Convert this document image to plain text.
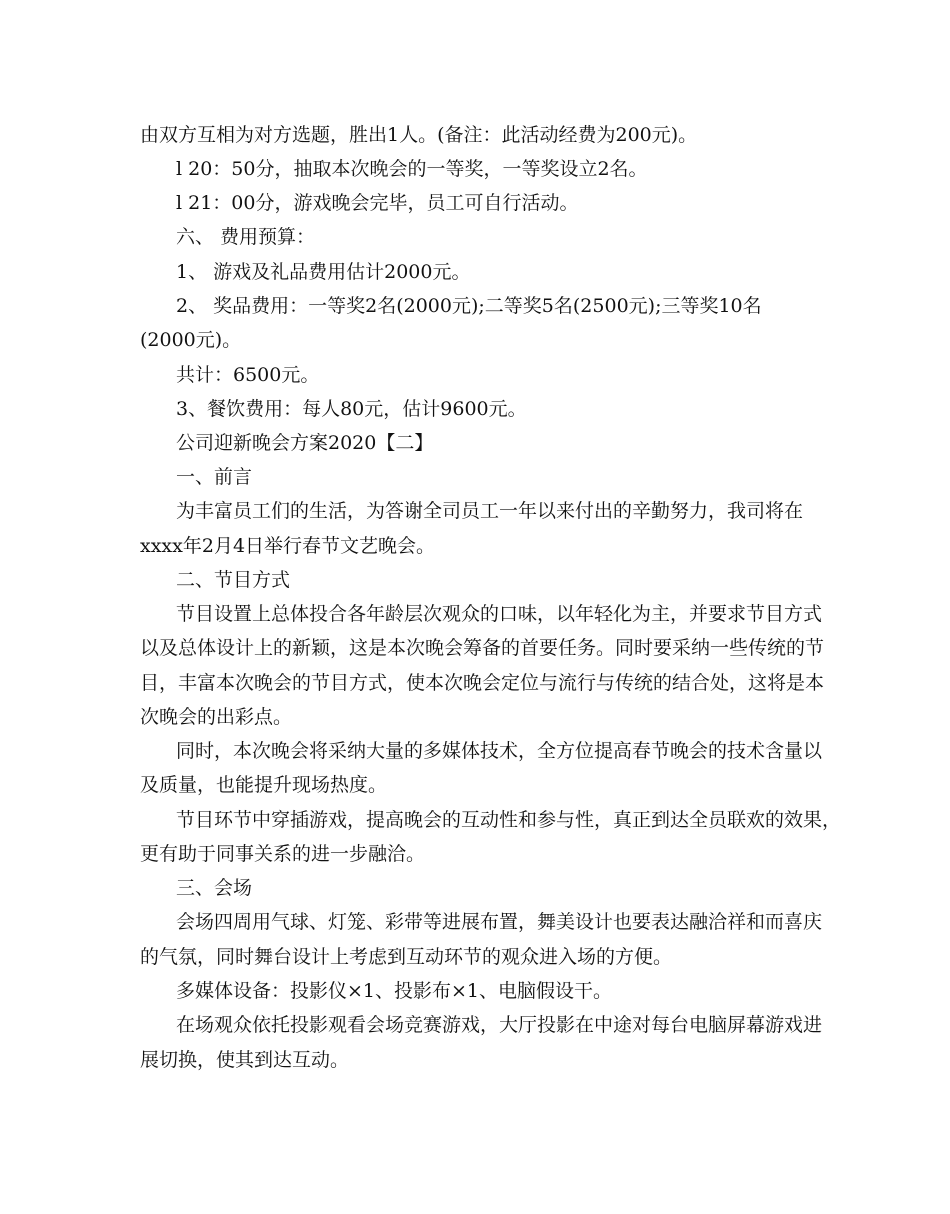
由双方互相为对方选题，胜出1人。(备注：此活动经费为200元)。
l 20：50分，抽取本次晚会的一等奖，一等奖设立2名。
l 21：00分，游戏晚会完毕，员工可自行活动。
六、 费用预算：
1、 游戏及礼品费用估计2000元。
2、 奖品费用：一等奖2名(2000元);二等奖5名(2500元);三等奖10名
(2000元)。
共计：6500元。
3、餐饮费用：每人80元，估计9600元。
公司迎新晚会方案2020【二】
一、前言
为丰富员工们的生活，为答谢全司员工一年以来付出的辛勤努力，我司将在
xxxx年2月4日举行春节文艺晚会。
二、节目方式
节目设置上总体投合各年龄层次观众的口味，以年轻化为主，并要求节目方式
以及总体设计上的新颖，这是本次晚会筹备的首要任务。同时要采纳一些传统的节
目，丰富本次晚会的节目方式，使本次晚会定位与流行与传统的结合处，这将是本
次晚会的出彩点。
同时，本次晚会将采纳大量的多媒体技术，全方位提高春节晚会的技术含量以
及质量，也能提升现场热度。
节目环节中穿插游戏，提高晚会的互动性和参与性，真正到达全员联欢的效果，
更有助于同事关系的进一步融洽。
三、会场
会场四周用气球、灯笼、彩带等进展布置，舞美设计也要表达融洽祥和而喜庆
的气氛，同时舞台设计上考虑到互动环节的观众进入场的方便。
多媒体设备：投影仪×1、投影布×1、电脑假设干。
在场观众依托投影观看会场竞赛游戏，大厅投影在中途对每台电脑屏幕游戏进
展切换，使其到达互动。
